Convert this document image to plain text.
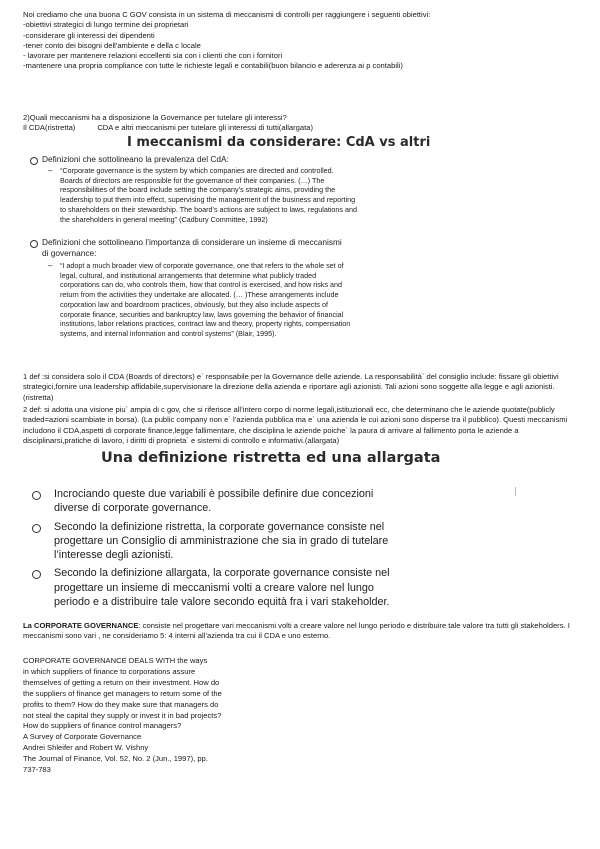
Noi crediamo che una buona C GOV consista in un sistema di meccanismi di controlli per raggiungere i seguenti obiettivi:
-obiettivi strategici di lungo termine dei proprietari
-considerare gli interessi dei dipendenti
-tener conto dei bisogni dell'ambiente e della c locale
- lavorare per mantenere relazioni eccellenti sia con i clienti che con i fornitori
-mantenere una propria compliance con tutte le richieste legali e contabili(buon bilancio e aderenza ai p contabili)
2)Quali meccanismi ha a disposizione la Governance per tutelare gli interessi?
Il CDA(ristretta)	CDA e altri meccanismi per tutelare gli interessi di tutti(allargata)
I meccanismi da considerare: CdA vs altri
Definizioni che sottolineano la prevalenza del CdA:
– “Corporate governance is the system by which companies are directed and controlled. Boards of directors are responsible for the governance of their companies. (…) The responsibilities of the board include setting the company’s strategic aims, providing the leadership to put them into effect, supervising the management of the business and reporting to shareholders on their stewardship. The board’s actions are subject to laws, regulations and the shareholders in general meeting” (Cadbury Committee, 1992)
Definizioni che sottolineano l’importanza di considerare un insieme di meccanismi di governance:
– “I adopt a much broader view of corporate governance, one that refers to the whole set of legal, cultural, and institutional arrangements that determine what publicly traded corporations can do, who controls them, how that control is exercised, and how risks and return from the activities they undertake are allocated. (… )These arrangements include corporation law and boardroom practices, obviously, but they also include aspects of corporate finance, securities and bankruptcy law, laws governing the behavior of financial institutions, labor relations practices, contract law and theory, property rights, compensation systems, and internal information and control systems” (Blair, 1995).
1 def :si considera solo il CDA (Boards of directors) e` responsabile per la Governance delle aziende. La responsabilità` del consiglio include: fissare gli obiettivi strategici,fornire una leadership affidabile,supervisionare la direzione della azienda e riportare agli azionisti. Tali azioni sono soggette alla legge e agli azionisti. (ristretta)
2 def: si adotta una visione piu` ampia di c gov, che si riferisce all’intero corpo di norme legali,istituzionali ecc, che determinano che le aziende quotate(publicly traded=azioni scambiate in borsa). (La public company non e` l’azienda pubblica ma e` una azienda le cui azioni sono disperse tra il pubblico). Questi meccanismi includono il CDA,aspetti di corporate finance,legge fallimentare, che disciplina le aziende poiche` la paura di arrivare al fallimento porta le aziende a disciplinarsi,pratiche di lavoro, i diritti di proprieta` e sistemi di controllo e informativi.(allargata)
Una definizione ristretta ed una allargata
Incrociando queste due variabili è possibile definire due concezioni diverse di corporate governance.
Secondo la definizione ristretta, la corporate governance consiste nel progettare un Consiglio di amministrazione che sia in grado di tutelare l’interesse degli azionisti.
Secondo la definizione allargata, la corporate governance consiste nel progettare un insieme di meccanismi volti a creare valore nel lungo periodo e a distribuire tale valore secondo equità fra i vari stakeholder.
La CORPORATE GOVERNANCE: consiste nel progettare vari meccanismi volti a creare valore nel lungo periodo e distribuire tale valore tra tutti gli stakeholders. I meccanismi sono vari , ne consideriamo 5: 4 interni all’azienda tra cui il CDA e uno esterno.
CORPORATE GOVERNANCE DEALS WITH the ways
in which suppliers of finance to corporations assure
themselves of getting a return on their investment. How do
the suppliers of finance get managers to return some of the
profits to them? How do they make sure that managers do
not steal the capital they supply or invest it in bad projects?
How do suppliers of finance control managers?
A Survey of Corporate Governance
Andrei Shleifer and Robert W. Vishny
The Journal of Finance, Vol. 52, No. 2 (Jun., 1997), pp.
737-783
